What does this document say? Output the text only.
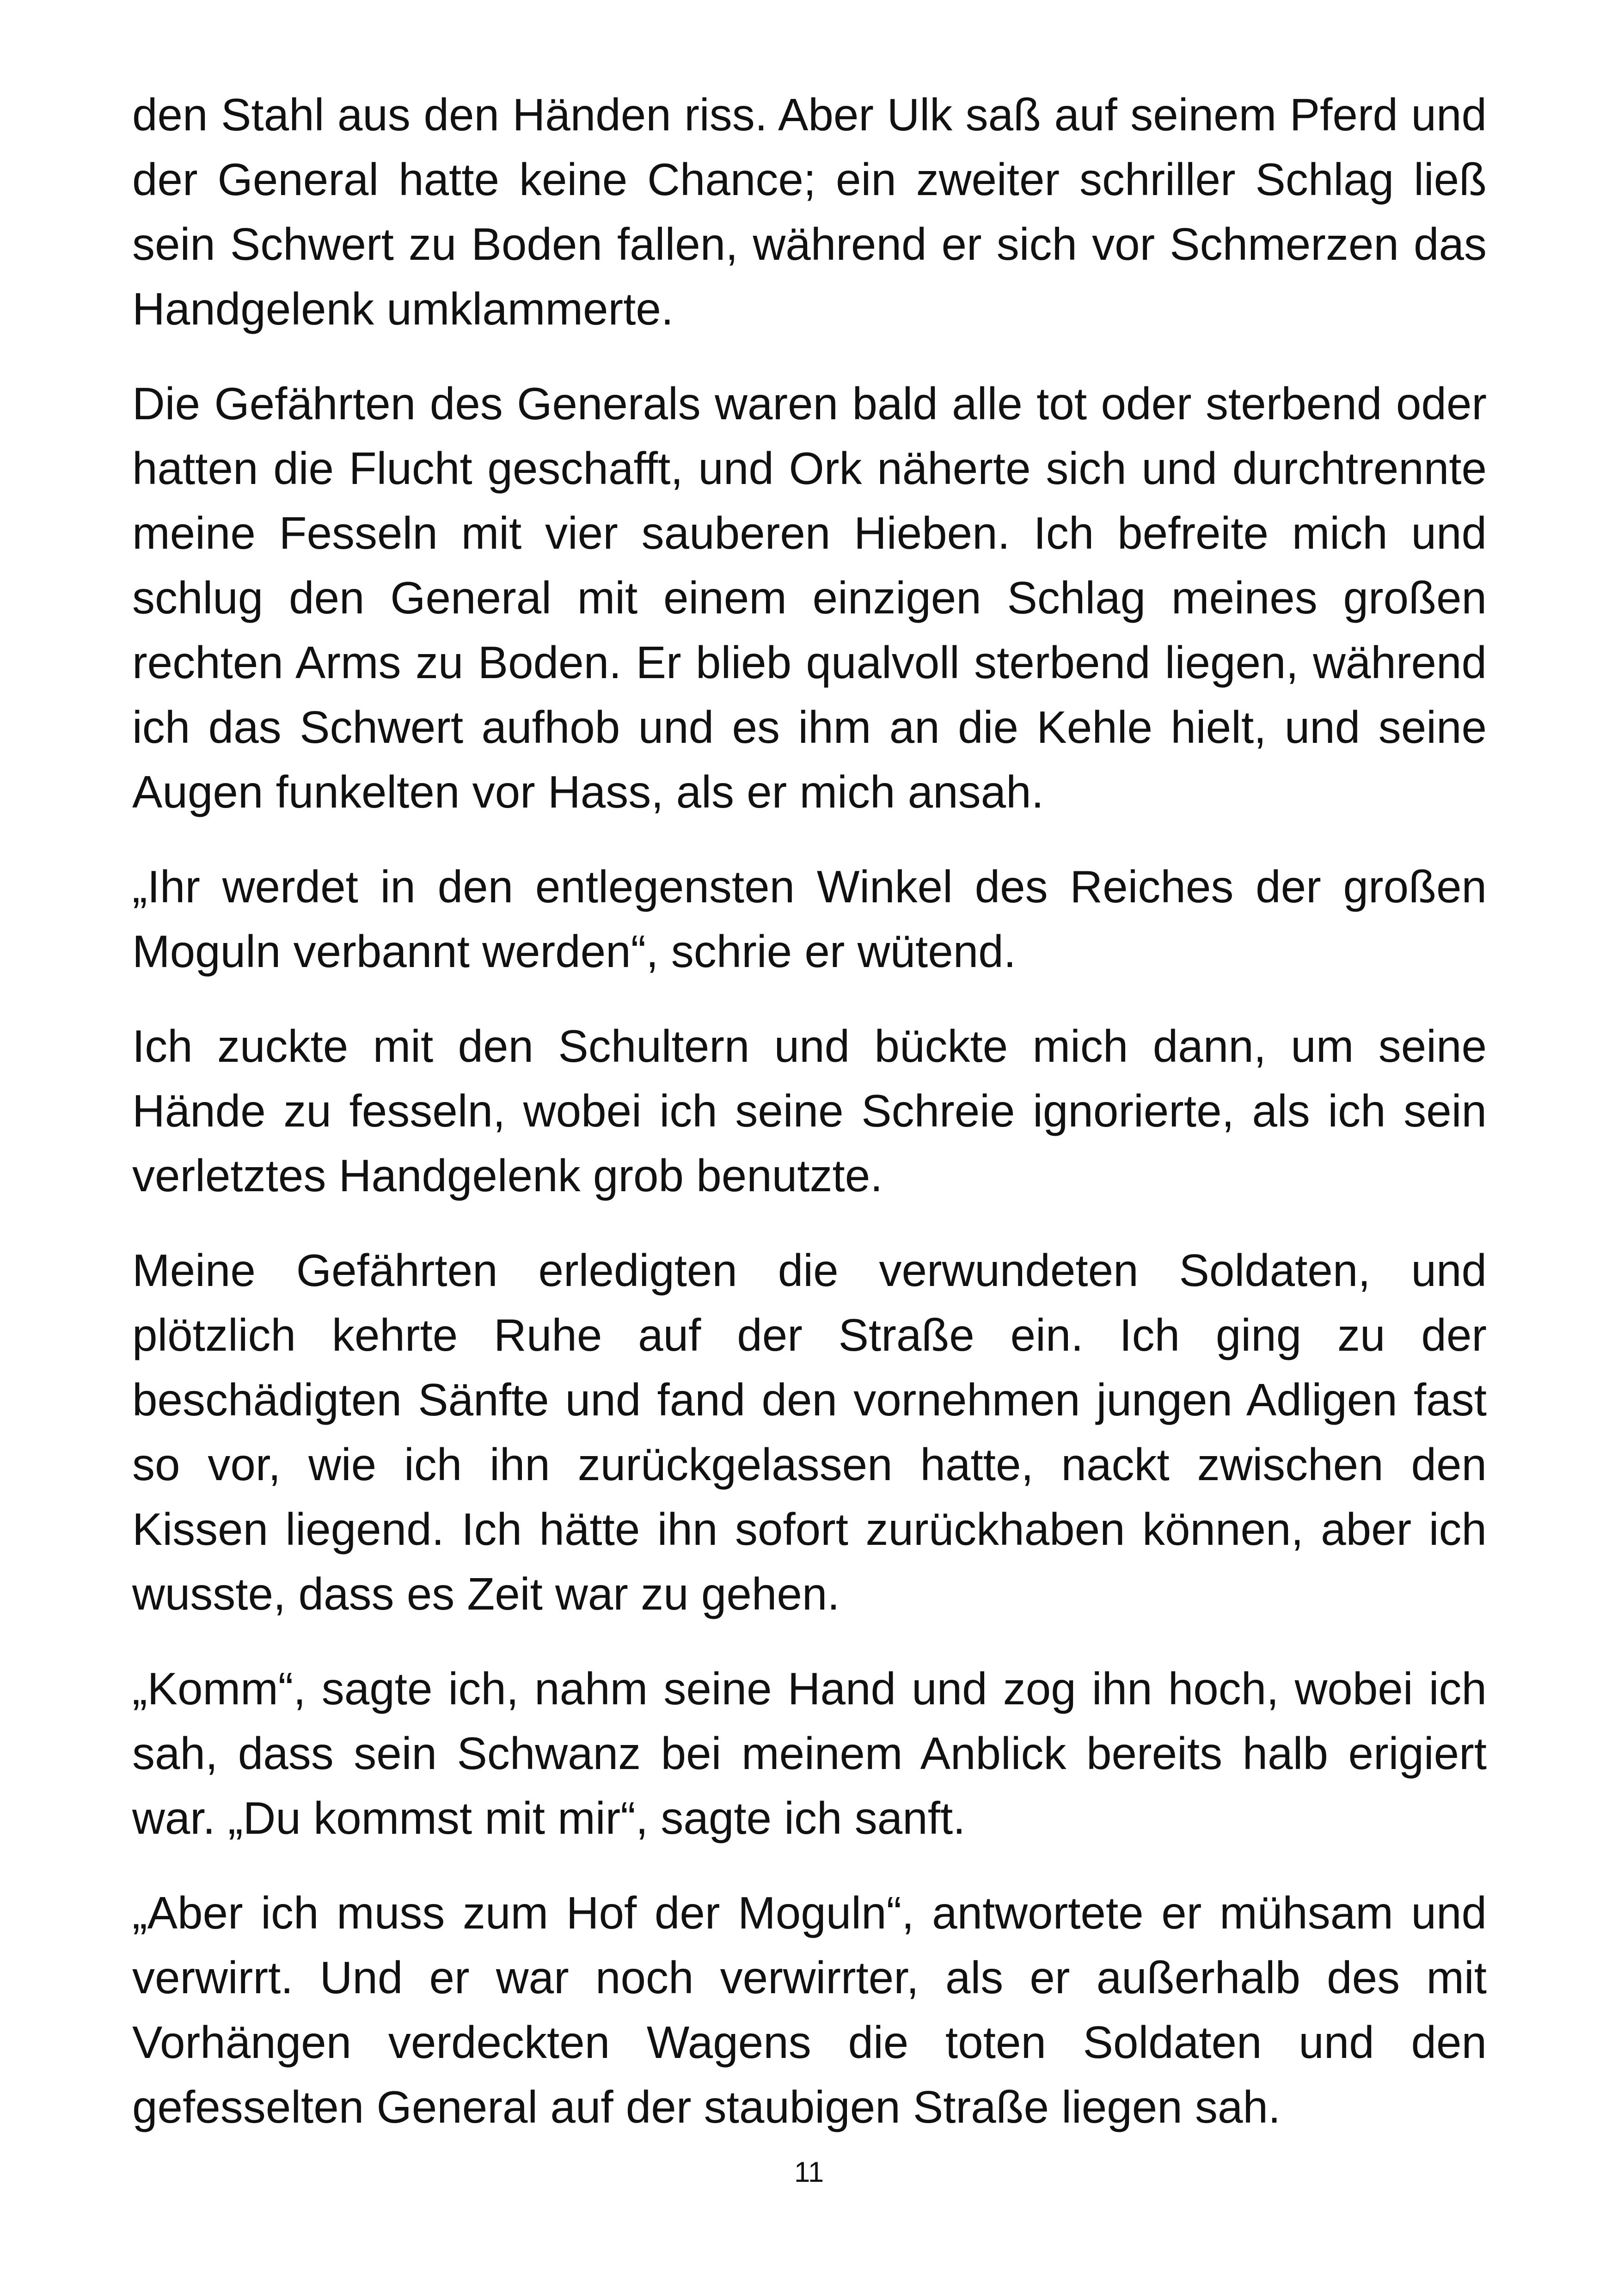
den Stahl aus den Händen riss. Aber Ulk saß auf seinem Pferd und der General hatte keine Chance; ein zweiter schriller Schlag ließ sein Schwert zu Boden fallen, während er sich vor Schmerzen das Handgelenk umklammerte.

Die Gefährten des Generals waren bald alle tot oder sterbend oder hatten die Flucht geschafft, und Ork näherte sich und durchtrennte meine Fesseln mit vier sauberen Hieben. Ich befreite mich und schlug den General mit einem einzigen Schlag meines großen rechten Arms zu Boden. Er blieb qualvoll sterbend liegen, während ich das Schwert aufhob und es ihm an die Kehle hielt, und seine Augen funkelten vor Hass, als er mich ansah.

„Ihr werdet in den entlegensten Winkel des Reiches der großen Moguln verbannt werden“, schrie er wütend.

Ich zuckte mit den Schultern und bückte mich dann, um seine Hände zu fesseln, wobei ich seine Schreie ignorierte, als ich sein verletztes Handgelenk grob benutzte.

Meine Gefährten erledigten die verwundeten Soldaten, und plötzlich kehrte Ruhe auf der Straße ein. Ich ging zu der beschädigten Sänfte und fand den vornehmen jungen Adligen fast so vor, wie ich ihn zurückgelassen hatte, nackt zwischen den Kissen liegend. Ich hätte ihn sofort zurückhaben können, aber ich wusste, dass es Zeit war zu gehen.

„Komm“, sagte ich, nahm seine Hand und zog ihn hoch, wobei ich sah, dass sein Schwanz bei meinem Anblick bereits halb erigiert war. „Du kommst mit mir“, sagte ich sanft.

„Aber ich muss zum Hof der Moguln“, antwortete er mühsam und verwirrt. Und er war noch verwirrter, als er außerhalb des mit Vorhängen verdeckten Wagens die toten Soldaten und den gefesselten General auf der staubigen Straße liegen sah.

11
